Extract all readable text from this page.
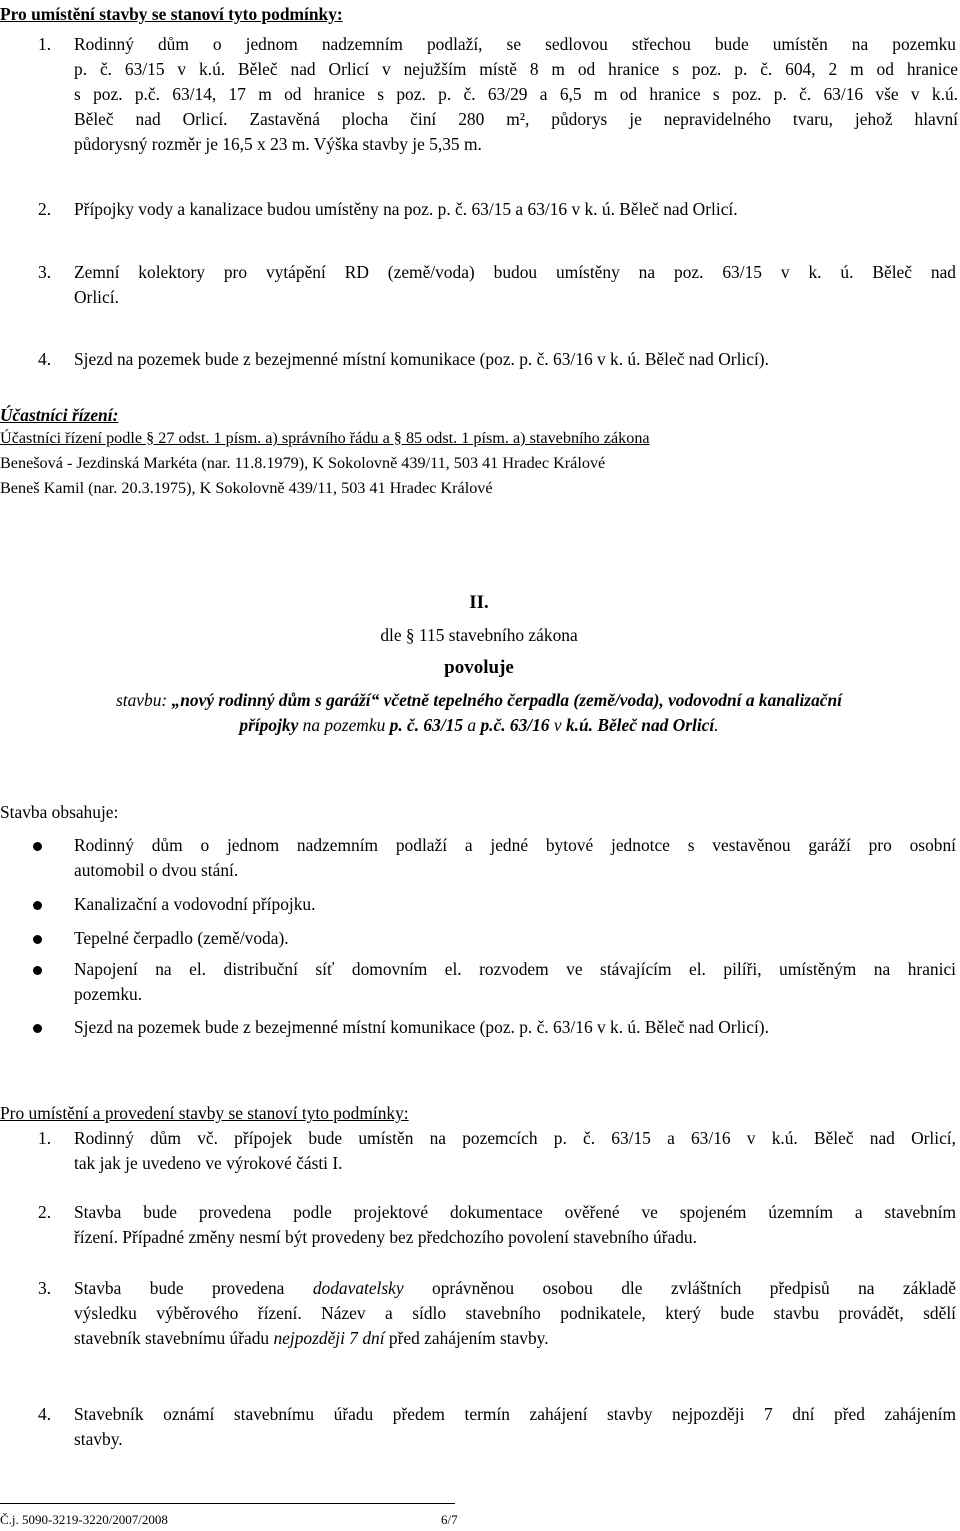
Pro umístění stavby se stanoví tyto podmínky:
1. Rodinný dům o jednom nadzemním podlaží, se sedlovou střechou bude umístěn na pozemku
p. č. 63/15 v k.ú. Běleč nad Orlicí v nejužším místě 8 m od hranice s poz. p. č. 604, 2 m od hranice
s poz. p.č. 63/14, 17 m od hranice s poz. p. č. 63/29 a 6,5 m od hranice s poz. p. č. 63/16 vše v k.ú.
Běleč nad Orlicí. Zastavěná plocha činí 280 m², půdorys je nepravidelného tvaru, jehož hlavní
půdorysný rozměr je 16,5 x 23 m. Výška stavby je 5,35 m.
2. Přípojky vody a kanalizace budou umístěny na poz. p. č. 63/15 a 63/16 v k. ú. Běleč nad Orlicí.
3. Zemní kolektory pro vytápění RD (země/voda) budou umístěny na poz. 63/15 v k. ú. Běleč nad
Orlicí.
4. Sjezd na pozemek bude z bezejmenné místní komunikace (poz. p. č. 63/16 v k. ú. Běleč nad Orlicí).
Účastníci řízení:
Účastníci řízení podle § 27 odst. 1 písm. a) správního řádu a § 85 odst. 1 písm. a) stavebního zákona
Benešová - Jezdinská Markéta (nar. 11.8.1979), K Sokolovně 439/11, 503 41 Hradec Králové
Beneš Kamil (nar. 20.3.1975), K Sokolovně 439/11, 503 41 Hradec Králové
II.
dle § 115 stavebního zákona
povoluje
stavbu: „nový rodinný dům s garáží“ včetně tepelného čerpadla (země/voda), vodovodní a kanalizační
přípojky na pozemku p. č. 63/15 a p.č. 63/16 v k.ú. Běleč nad Orlicí.
Stavba obsahuje:
Rodinný dům o jednom nadzemním podlaží a jedné bytové jednotce s vestavěnou garáží pro osobní
automobil o dvou stání.
Kanalizační a vodovodní přípojku.
Tepelné čerpadlo (země/voda).
Napojení na el. distribuční síť domovním el. rozvodem ve stávajícím el. pilíři, umístěným na hranici
pozemku.
Sjezd na pozemek bude z bezejmenné místní komunikace (poz. p. č. 63/16 v k. ú. Běleč nad Orlicí).
Pro umístění a provedení stavby se stanoví tyto podmínky:
1. Rodinný dům vč. přípojek bude umístěn na pozemcích p. č. 63/15 a 63/16 v k.ú. Běleč nad Orlicí,
tak jak je uvedeno ve výrokové části I.
2. Stavba bude provedena podle projektové dokumentace ověřené ve spojeném územním a stavebním
řízení. Případné změny nesmí být provedeny bez předchozího povolení stavebního úřadu.
3. Stavba bude provedena dodavatelsky oprávněnou osobou dle zvláštních předpisů na základě
výsledku výběrového řízení. Název a sídlo stavebního podnikatele, který bude stavbu provádět, sdělí
stavebník stavebnímu úřadu nejpozději 7 dní před zahájením stavby.
4. Stavebník oznámí stavebnímu úřadu předem termín zahájení stavby nejpozději 7 dní před zahájením
stavby.
Č.j. 5090-3219-3220/2007/2008	6/7
